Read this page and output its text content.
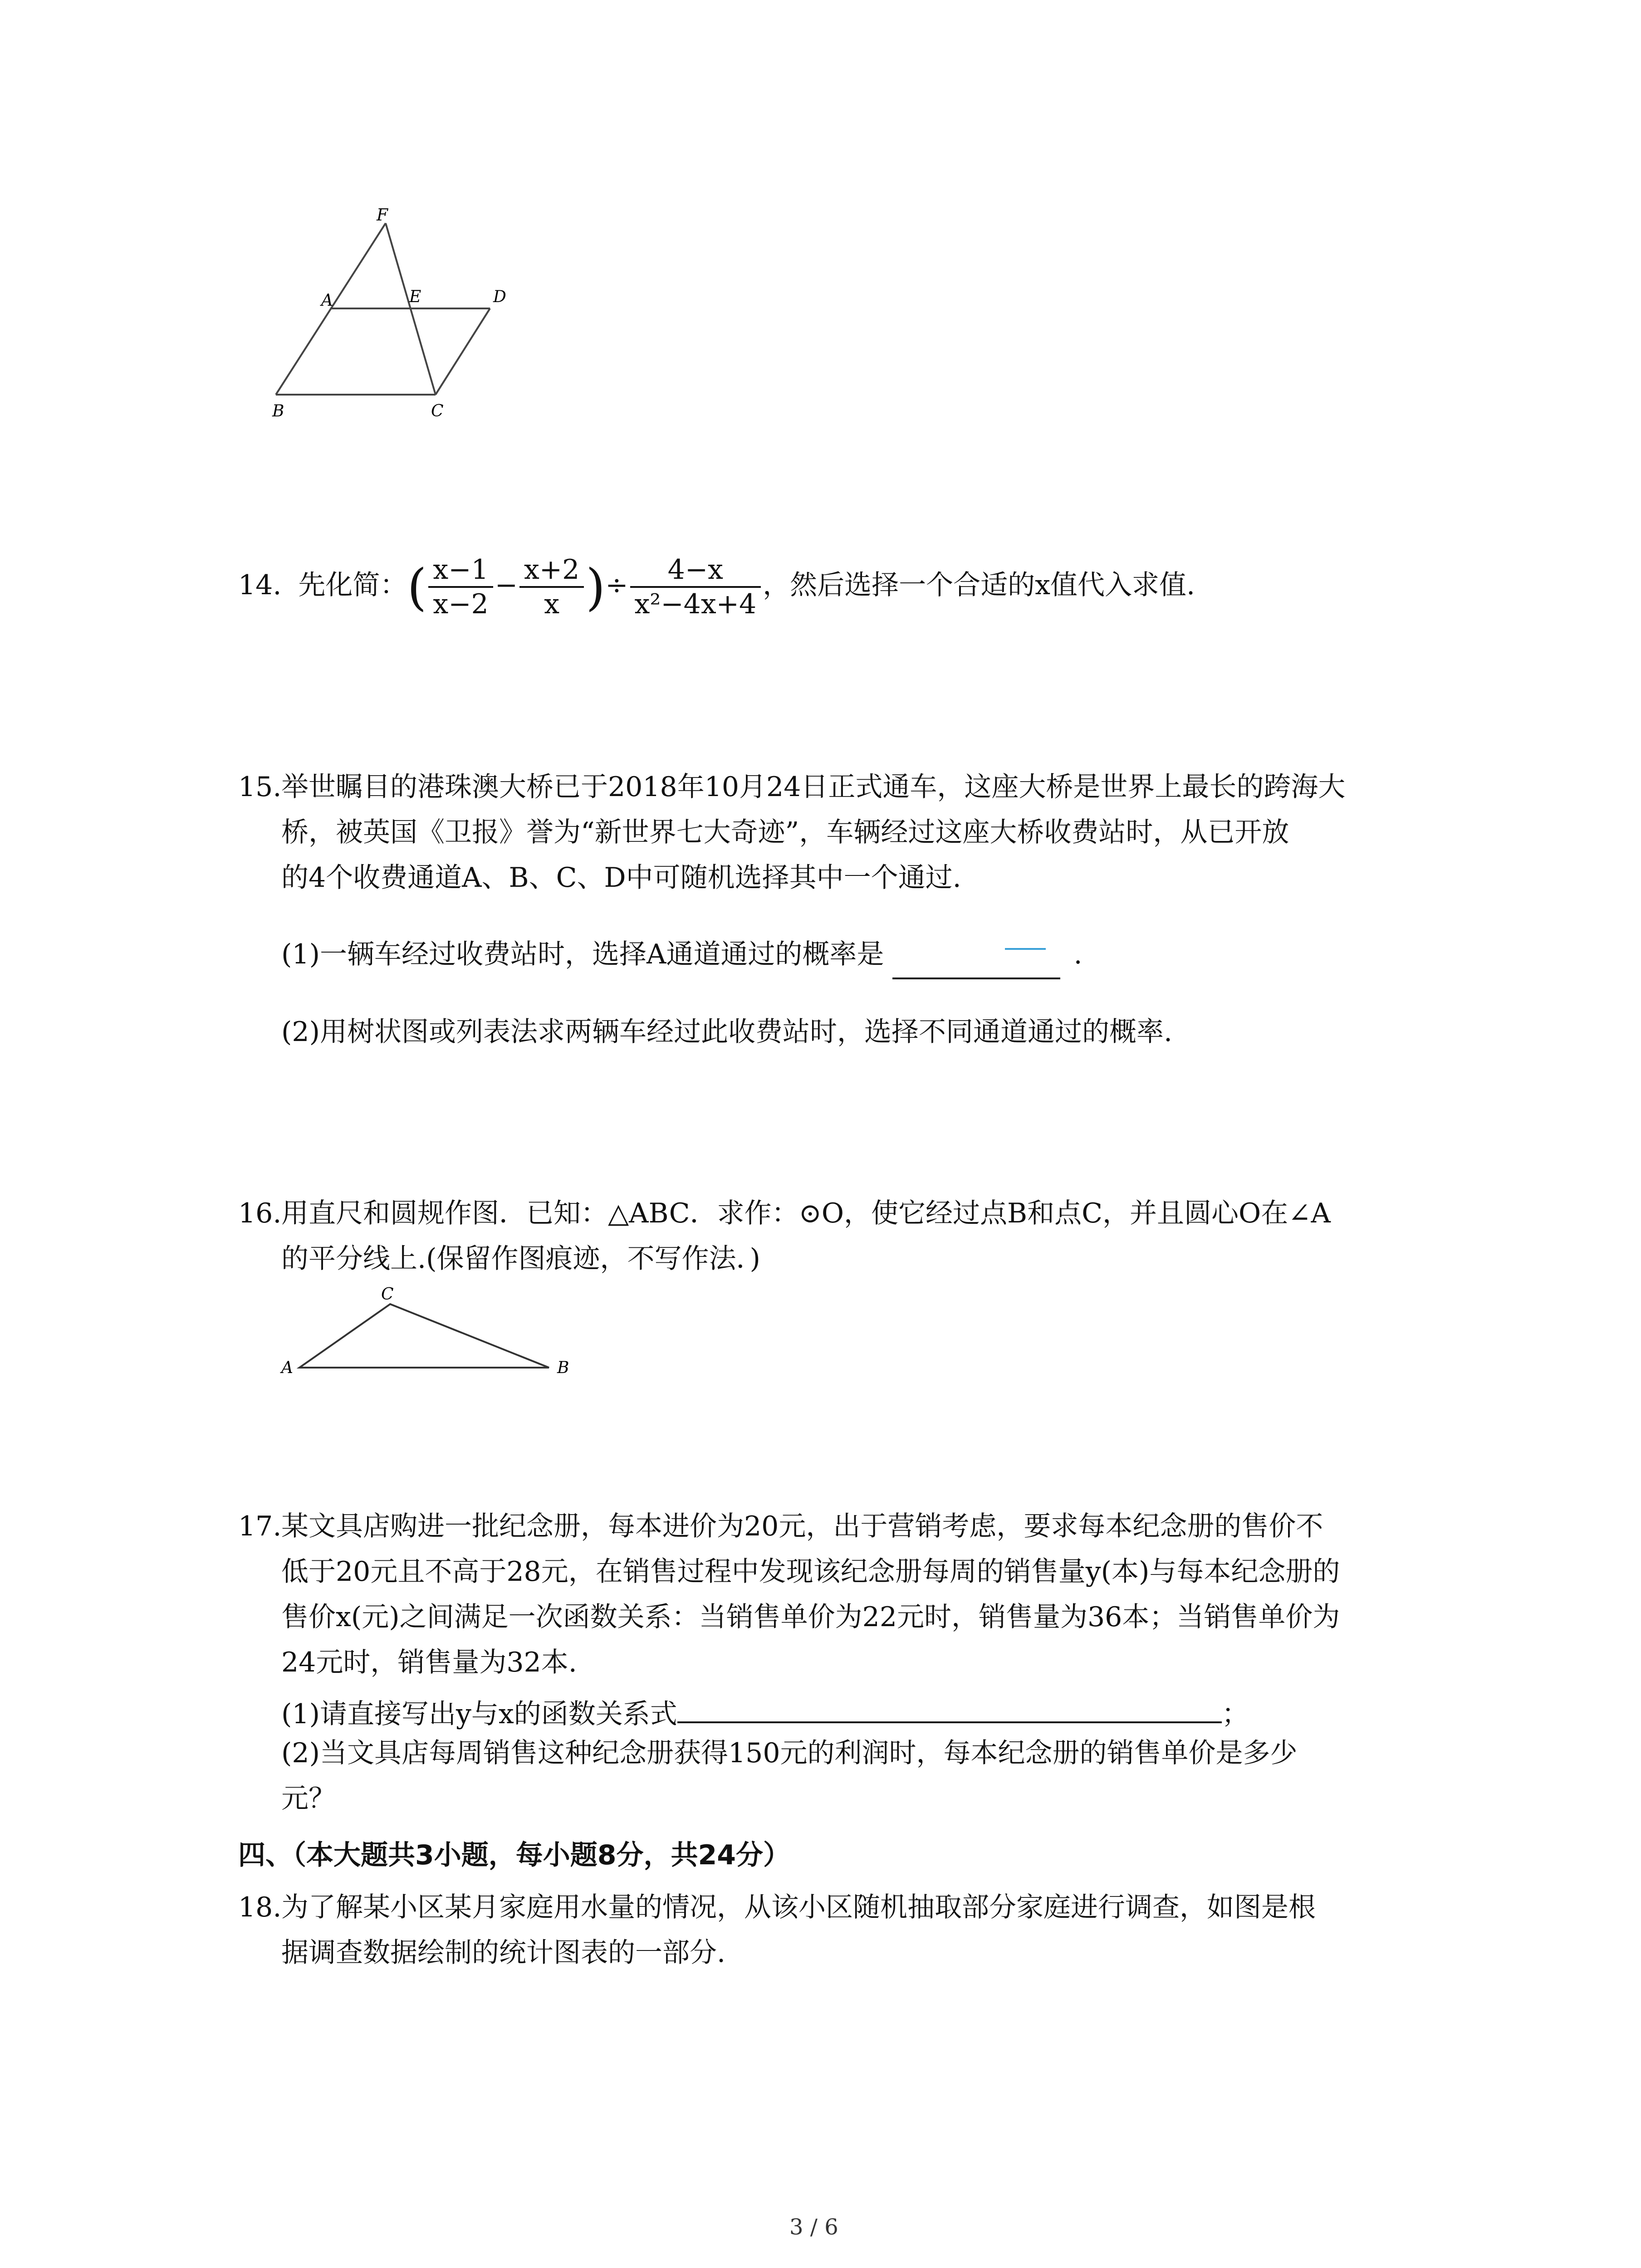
F
A	E	D
B	C
14. 先化简：( $\frac{x-1}{x-2} - \frac{x+2}{x}$ )÷ $\frac{4-x}{\text{x²−4x+4}}$ ，然后选择一个合适的x值代入求值.
15. 举世瞩目的港珠澳大桥已于2018年10月24日正式通车，这座大桥是世界上最长的跨海大
桥，被英国《卫报》誉为“新世界七大奇迹”，车辆经过这座大桥收费站时，从已开放
的4个收费通道A、B、C、D中可随机选择其中一个通过.
(1)一辆车经过收费站时，选择A通道通过的概率是	.
(2)用树状图或列表法求两辆车经过此收费站时，选择不同通道通过的概率.
16. 用直尺和圆规作图．已知：△ABC．求作：⊙O，使它经过点B和点C，并且圆心O在∠A
的平分线上.(保留作图痕迹，不写作法．)
C
A	B
17. 某文具店购进一批纪念册，每本进价为20元，出于营销考虑，要求每本纪念册的售价不
低于20元且不高于28元，在销售过程中发现该纪念册每周的销售量y(本)与每本纪念册的
售价x(元)之间满足一次函数关系：当销售单价为22元时，销售量为36本；当销售单价为
24元时，销售量为32本.
(1)请直接写出y与x的函数关系式	；
(2)当文具店每周销售这种纪念册获得150元的利润时，每本纪念册的销售单价是多少
元？
四、（本大题共3小题，每小题8分，共24分）
18. 为了解某小区某月家庭用水量的情况，从该小区随机抽取部分家庭进行调查，如图是根
据调查数据绘制的统计图表的一部分.
3 / 6
